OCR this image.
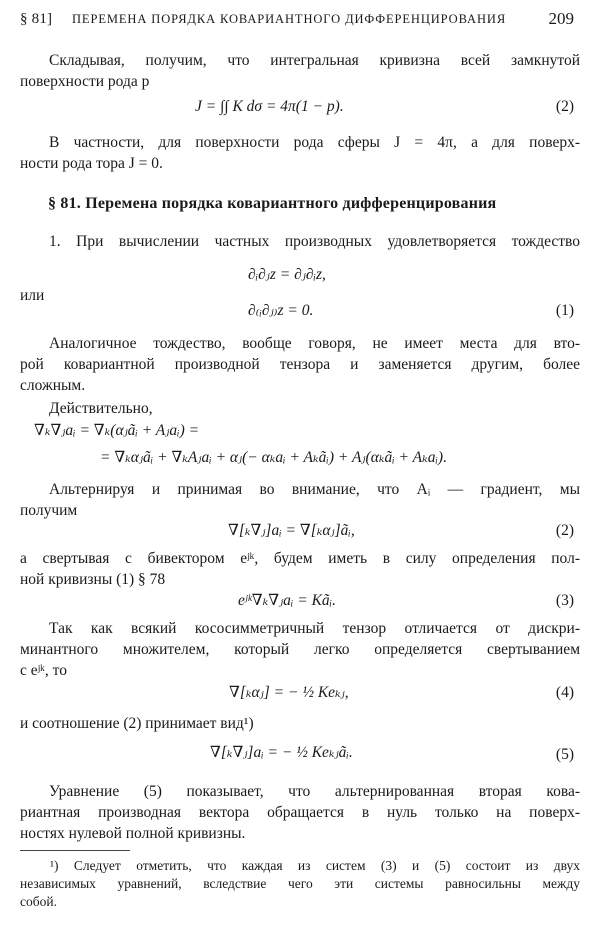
§ 81] ПЕРЕМЕНА ПОРЯДКА КОВАРИАНТНОГО ДИФФЕРЕНЦИРОВАНИЯ 209
Складывая, получим, что интегральная кривизна всей замкнутой
поверхности рода p
J = ∫∫ K dσ = 4π(1 − p).	(2)
В частности, для поверхности рода сферы J = 4π, а для поверх-
ности рода тора J = 0.
§ 81. Перемена порядка ковариантного дифференцирования
1. При вычислении частных производных удовлетворяется тождество
∂ᵢ∂ⱼz = ∂ⱼ∂ᵢz,
или
∂₍ᵢ∂ⱼ₎z = 0.	(1)
Аналогичное тождество, вообще говоря, не имеет места для вто-
рой ковариантной производной тензора и заменяется другим, более
сложным.
Действительно,
∇ₖ∇ⱼaᵢ = ∇ₖ(αⱼãᵢ + Aⱼaᵢ) =
= ∇ₖαⱼãᵢ + ∇ₖAⱼaᵢ + αⱼ(− αₖaᵢ + Aₖãᵢ) + Aⱼ(αₖãᵢ + Aₖaᵢ).
Альтернируя и принимая во внимание, что Aᵢ — градиент, мы
получим
∇[ₖ∇ⱼ]aᵢ = ∇[ₖαⱼ]ãᵢ,	(2)
а свертывая с бивектором eʲᵏ, будем иметь в силу определения пол-
ной кривизны (1) § 78
eʲᵏ∇ₖ∇ⱼaᵢ = Kãᵢ.	(3)
Так как всякий кососимметричный тензор отличается от дискри-
минантного множителем, который легко определяется свертыванием
с eʲᵏ, то
∇[ₖαⱼ] = − ½ Keₖⱼ,	(4)
и соотношение (2) принимает вид¹)
∇[ₖ∇ⱼ]aᵢ = − ½ Keₖⱼãᵢ.	(5)
Уравнение (5) показывает, что альтернированная вторая кова-
риантная производная вектора обращается в нуль только на поверх-
ностях нулевой полной кривизны.
¹) Следует отметить, что каждая из систем (3) и (5) состоит из двух
независимых уравнений, вследствие чего эти системы равносильны между
собой.
